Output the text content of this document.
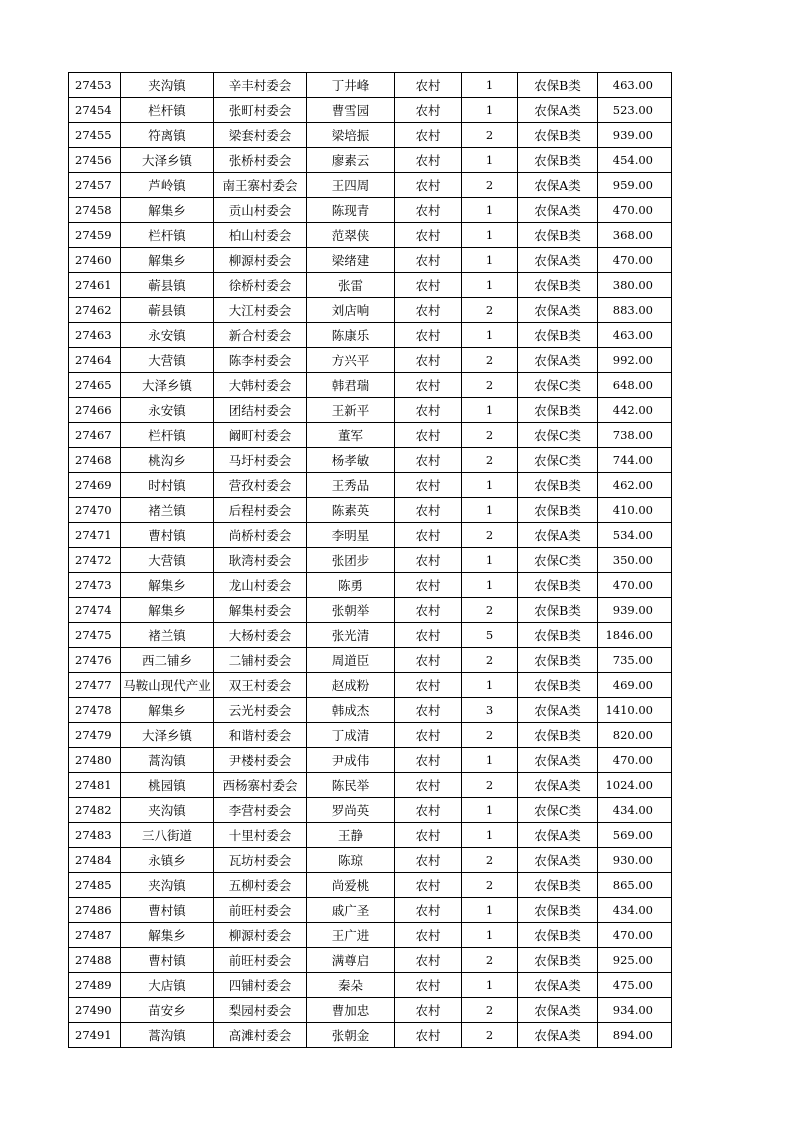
27453	夹沟镇	辛丰村委会	丁井峰	农村	1	农保B类	463.00
27454	栏杆镇	张町村委会	曹雪园	农村	1	农保A类	523.00
27455	符离镇	梁套村委会	梁培振	农村	2	农保B类	939.00
27456	大泽乡镇	张桥村委会	廖素云	农村	1	农保B类	454.00
27457	芦岭镇	南王寨村委会	王四周	农村	2	农保A类	959.00
27458	解集乡	贡山村委会	陈现青	农村	1	农保A类	470.00
27459	栏杆镇	柏山村委会	范翠侠	农村	1	农保B类	368.00
27460	解集乡	柳源村委会	梁绪建	农村	1	农保A类	470.00
27461	蕲县镇	徐桥村委会	张雷	农村	1	农保B类	380.00
27462	蕲县镇	大江村委会	刘店响	农村	2	农保A类	883.00
27463	永安镇	新合村委会	陈康乐	农村	1	农保B类	463.00
27464	大营镇	陈李村委会	方兴平	农村	2	农保A类	992.00
27465	大泽乡镇	大韩村委会	韩君瑞	农村	2	农保C类	648.00
27466	永安镇	团结村委会	王新平	农村	1	农保B类	442.00
27467	栏杆镇	阚町村委会	董军	农村	2	农保C类	738.00
27468	桃沟乡	马圩村委会	杨孝敏	农村	2	农保C类	744.00
27469	时村镇	营孜村委会	王秀品	农村	1	农保B类	462.00
27470	褚兰镇	后程村委会	陈素英	农村	1	农保B类	410.00
27471	曹村镇	尚桥村委会	李明星	农村	2	农保A类	534.00
27472	大营镇	耿湾村委会	张团步	农村	1	农保C类	350.00
27473	解集乡	龙山村委会	陈勇	农村	1	农保B类	470.00
27474	解集乡	解集村委会	张朝举	农村	2	农保B类	939.00
27475	褚兰镇	大杨村委会	张光清	农村	5	农保B类	1846.00
27476	西二铺乡	二铺村委会	周道臣	农村	2	农保B类	735.00
27477	马鞍山现代产业	双王村委会	赵成粉	农村	1	农保B类	469.00
27478	解集乡	云光村委会	韩成杰	农村	3	农保A类	1410.00
27479	大泽乡镇	和谐村委会	丁成清	农村	2	农保B类	820.00
27480	蒿沟镇	尹楼村委会	尹成伟	农村	1	农保A类	470.00
27481	桃园镇	西杨寨村委会	陈民举	农村	2	农保A类	1024.00
27482	夹沟镇	李营村委会	罗尚英	农村	1	农保C类	434.00
27483	三八街道	十里村委会	王静	农村	1	农保A类	569.00
27484	永镇乡	瓦坊村委会	陈琼	农村	2	农保A类	930.00
27485	夹沟镇	五柳村委会	尚爱桃	农村	2	农保B类	865.00
27486	曹村镇	前旺村委会	戚广圣	农村	1	农保B类	434.00
27487	解集乡	柳源村委会	王广进	农村	1	农保B类	470.00
27488	曹村镇	前旺村委会	满尊启	农村	2	农保B类	925.00
27489	大店镇	四铺村委会	秦朵	农村	1	农保A类	475.00
27490	苗安乡	梨园村委会	曹加忠	农村	2	农保A类	934.00
27491	蒿沟镇	高滩村委会	张朝金	农村	2	农保A类	894.00
